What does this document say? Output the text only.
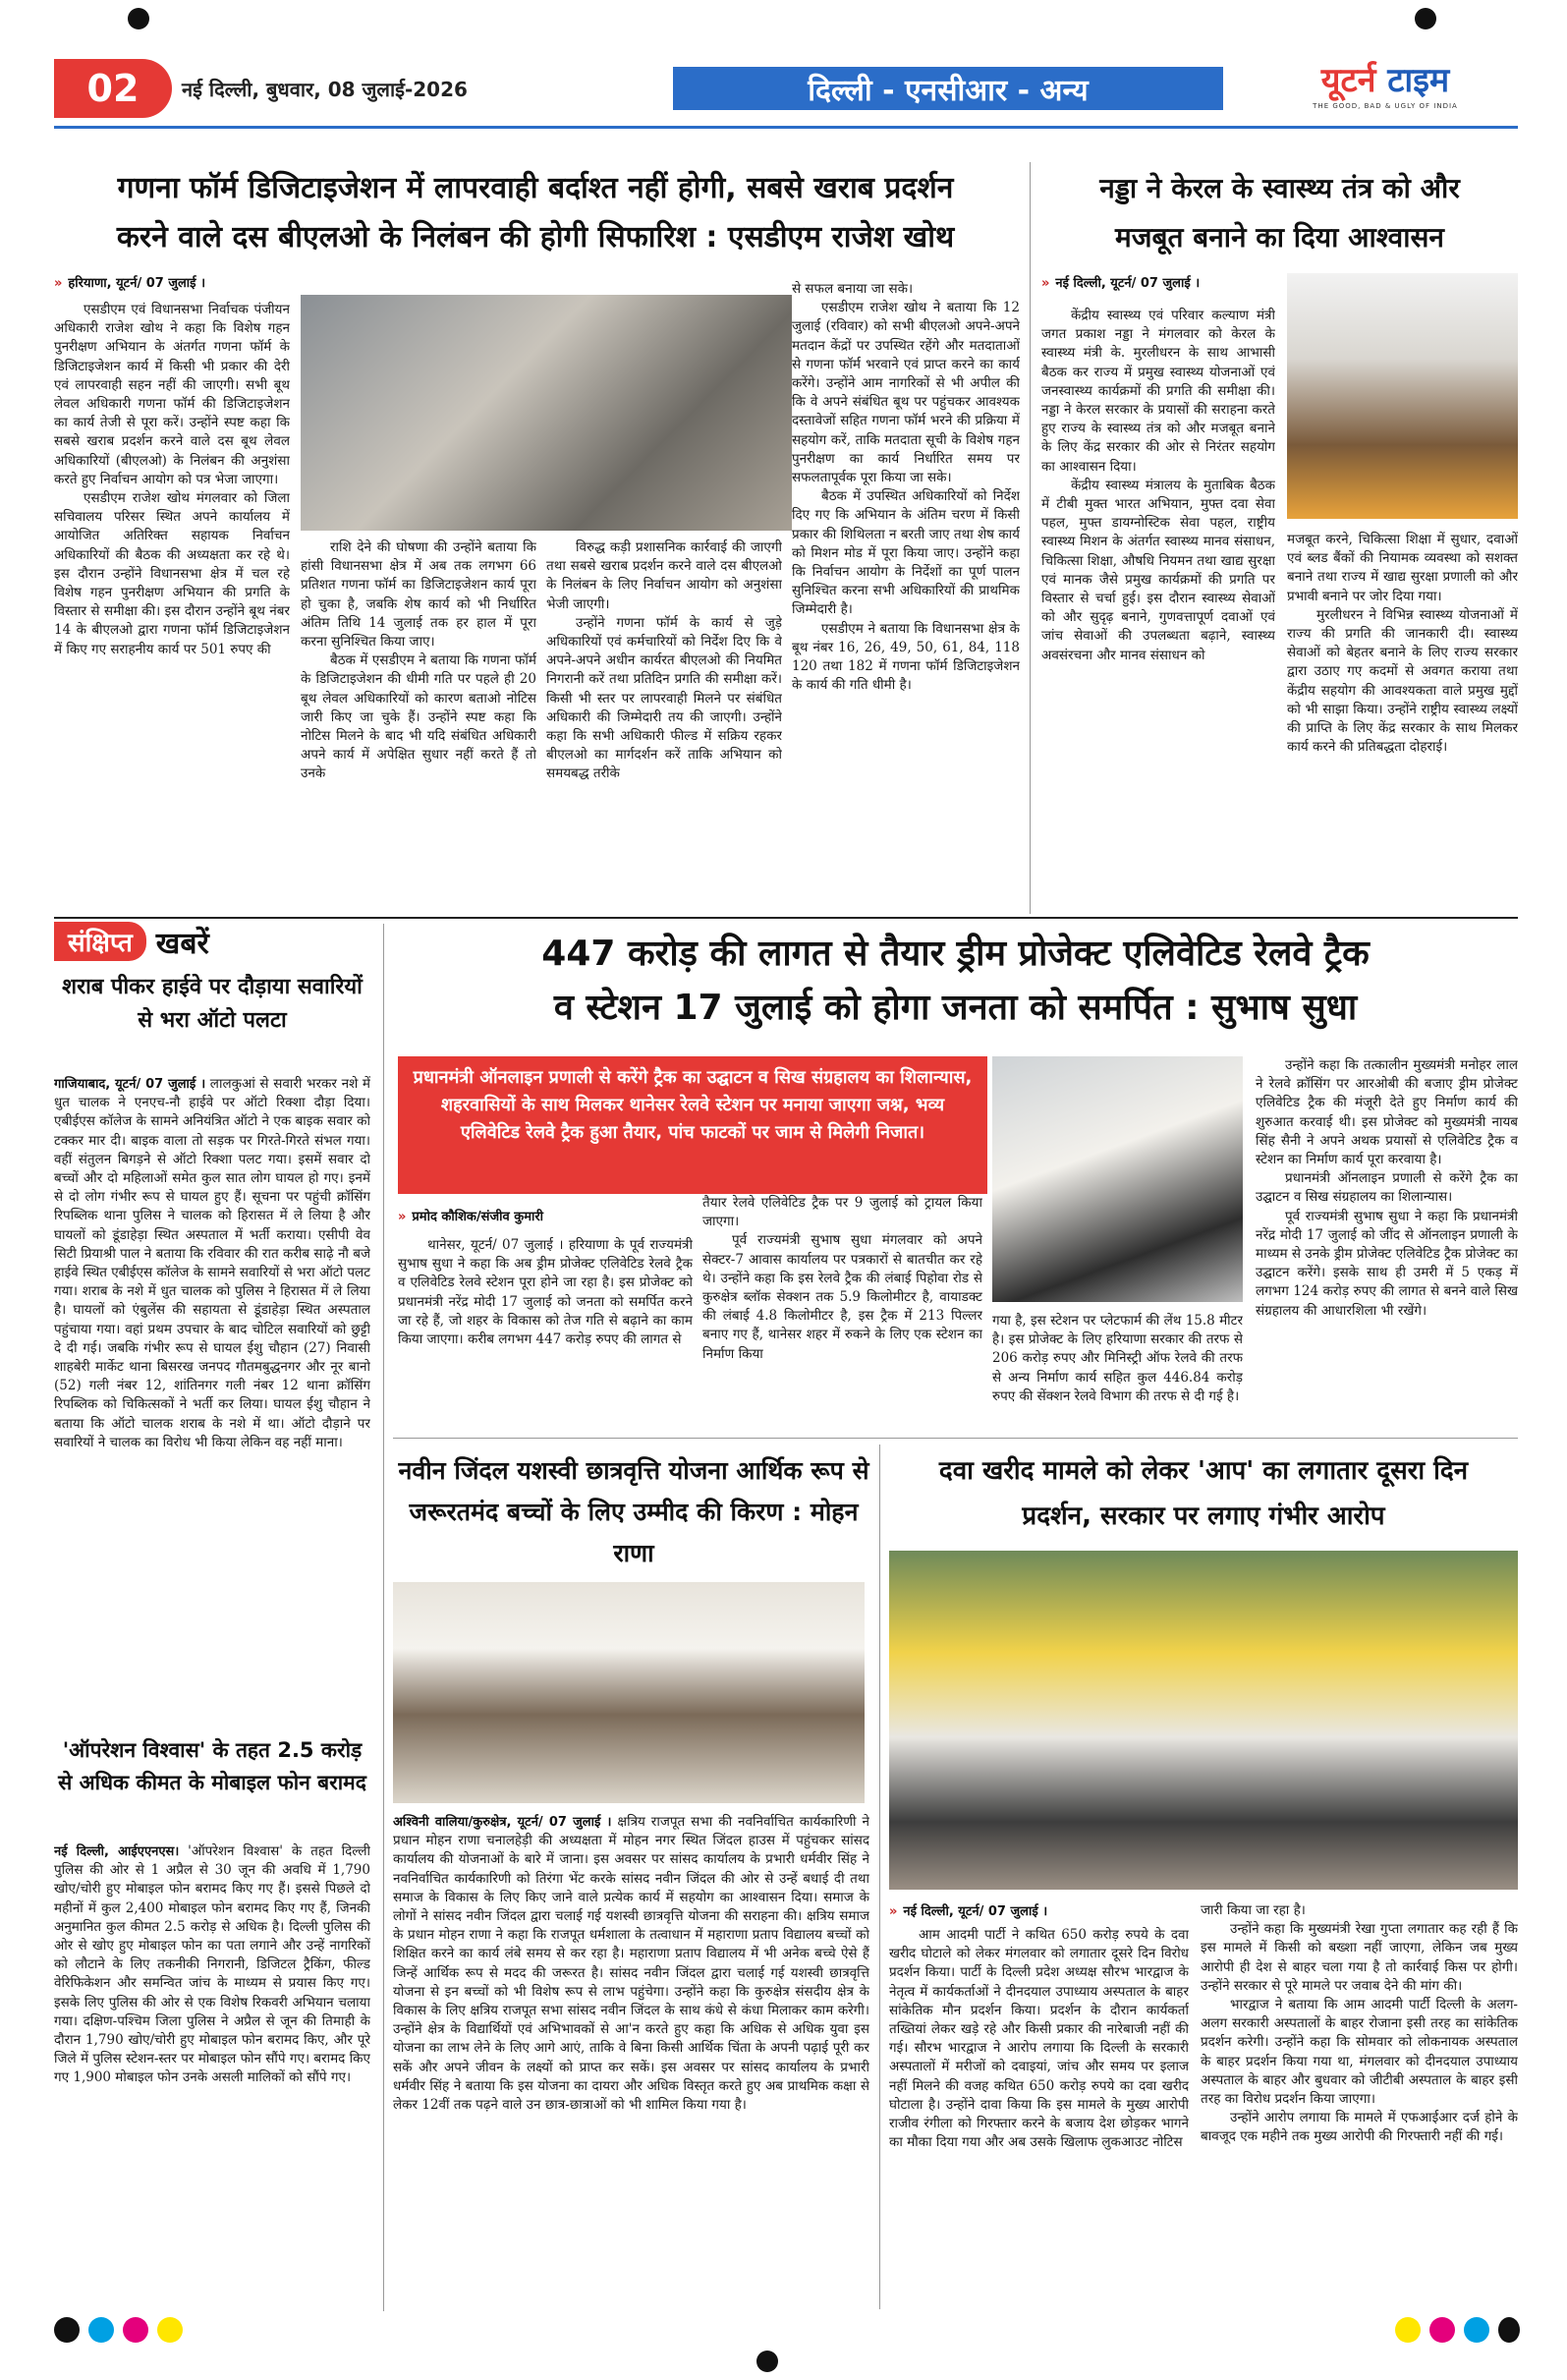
02	नई दिल्ली, बुधवार, 08 जुलाई-2026	दिल्ली - एनसीआर - अन्य	यूटर्न टाइम
THE GOOD, BAD & UGLY OF INDIA
गणना फॉर्म डिजिटाइजेशन में लापरवाही बर्दाश्त नहीं होगी, सबसे खराब प्रदर्शन
करने वाले दस बीएलओ के निलंबन की होगी सिफारिश : एसडीएम राजेश खोथ
» हरियाणा, यूटर्न/ 07 जुलाई ।

एसडीएम एवं विधानसभा निर्वाचक पंजीयन अधिकारी राजेश खोथ ने कहा कि विशेष गहन पुनरीक्षण अभियान के अंतर्गत गणना फॉर्म के डिजिटाइजेशन कार्य में किसी भी प्रकार की देरी एवं लापरवाही सहन नहीं की जाएगी। सभी बूथ लेवल अधिकारी गणना फॉर्म की डिजिटाइजेशन का कार्य तेजी से पूरा करें। उन्होंने स्पष्ट कहा कि सबसे खराब प्रदर्शन करने वाले दस बूथ लेवल अधिकारियों (बीएलओ) के निलंबन की अनुशंसा करते हुए निर्वाचन आयोग को पत्र भेजा जाएगा।

एसडीएम राजेश खोथ मंगलवार को जिला सचिवालय परिसर स्थित अपने कार्यालय में आयोजित अतिरिक्त सहायक निर्वाचन अधिकारियों की बैठक की अध्यक्षता कर रहे थे। इस दौरान उन्होंने विधानसभा क्षेत्र में चल रहे विशेष गहन पुनरीक्षण अभियान की प्रगति के विस्तार से समीक्षा की। इस दौरान उन्होंने बूथ नंबर 14 के बीएलओ द्वारा गणना फॉर्म डिजिटाइजेशन में किए गए सराहनीय कार्य पर 501 रुपए की

राशि देने की घोषणा की उन्होंने बताया कि हांसी विधानसभा क्षेत्र में अब तक लगभग 66 प्रतिशत गणना फॉर्म का डिजिटाइजेशन कार्य पूरा हो चुका है, जबकि शेष कार्य को भी निर्धारित अंतिम तिथि 14 जुलाई तक हर हाल में पूरा करना सुनिश्चित किया जाए।

बैठक में एसडीएम ने बताया कि गणना फॉर्म के डिजिटाइजेशन की धीमी गति पर पहले ही 20 बूथ लेवल अधिकारियों को कारण बताओ नोटिस जारी किए जा चुके हैं। उन्होंने स्पष्ट कहा कि नोटिस मिलने के बाद भी यदि संबंधित अधिकारी अपने कार्य में अपेक्षित सुधार नहीं करते हैं तो उनके

विरुद्ध कड़ी प्रशासनिक कार्रवाई की जाएगी तथा सबसे खराब प्रदर्शन करने वाले दस बीएलओ के निलंबन के लिए निर्वाचन आयोग को अनुशंसा भेजी जाएगी।

उन्होंने गणना फॉर्म के कार्य से जुड़े अधिकारियों एवं कर्मचारियों को निर्देश दिए कि वे अपने-अपने अधीन कार्यरत बीएलओ की नियमित निगरानी करें तथा प्रतिदिन प्रगति की समीक्षा करें। किसी भी स्तर पर लापरवाही मिलने पर संबंधित अधिकारी की जिम्मेदारी तय की जाएगी। उन्होंने कहा कि सभी अधिकारी फील्ड में सक्रिय रहकर बीएलओ का मार्गदर्शन करें ताकि अभियान को समयबद्ध तरीके

से सफल बनाया जा सके।

एसडीएम राजेश खोथ ने बताया कि 12 जुलाई (रविवार) को सभी बीएलओ अपने-अपने मतदान केंद्रों पर उपस्थित रहेंगे और मतदाताओं से गणना फॉर्म भरवाने एवं प्राप्त करने का कार्य करेंगे। उन्होंने आम नागरिकों से भी अपील की कि वे अपने संबंधित बूथ पर पहुंचकर आवश्यक दस्तावेजों सहित गणना फॉर्म भरने की प्रक्रिया में सहयोग करें, ताकि मतदाता सूची के विशेष गहन पुनरीक्षण का कार्य निर्धारित समय पर सफलतापूर्वक पूरा किया जा सके।

बैठक में उपस्थित अधिकारियों को निर्देश दिए गए कि अभियान के अंतिम चरण में किसी प्रकार की शिथिलता न बरती जाए तथा शेष कार्य को मिशन मोड में पूरा किया जाए। उन्होंने कहा कि निर्वाचन आयोग के निर्देशों का पूर्ण पालन सुनिश्चित करना सभी अधिकारियों की प्राथमिक जिम्मेदारी है।

एसडीएम ने बताया कि विधानसभा क्षेत्र के बूथ नंबर 16, 26, 49, 50, 61, 84, 118 120 तथा 182 में गणना फॉर्म डिजिटाइजेशन के कार्य की गति धीमी है।

नड्डा ने केरल के स्वास्थ्य तंत्र को और
मजबूत बनाने का दिया आश्वासन
» नई दिल्ली, यूटर्न/ 07 जुलाई ।

केंद्रीय स्वास्थ्य एवं परिवार कल्याण मंत्री जगत प्रकाश नड्डा ने मंगलवार को केरल के स्वास्थ्य मंत्री के. मुरलीधरन के साथ आभासी बैठक कर राज्य में प्रमुख स्वास्थ्य योजनाओं एवं जनस्वास्थ्य कार्यक्रमों की प्रगति की समीक्षा की। नड्डा ने केरल सरकार के प्रयासों की सराहना करते हुए राज्य के स्वास्थ्य तंत्र को और मजबूत बनाने के लिए केंद्र सरकार की ओर से निरंतर सहयोग का आश्वासन दिया।

केंद्रीय स्वास्थ्य मंत्रालय के मुताबिक बैठक में टीबी मुक्त भारत अभियान, मुफ्त दवा सेवा पहल, मुफ्त डायग्नोस्टिक सेवा पहल, राष्ट्रीय स्वास्थ्य मिशन के अंतर्गत स्वास्थ्य मानव संसाधन, चिकित्सा शिक्षा, औषधि नियमन तथा खाद्य सुरक्षा एवं मानक जैसे प्रमुख कार्यक्रमों की प्रगति पर विस्तार से चर्चा हुई। इस दौरान स्वास्थ्य सेवाओं को और सुदृढ़ बनाने, गुणवत्तापूर्ण दवाओं एवं जांच सेवाओं की उपलब्धता बढ़ाने, स्वास्थ्य अवसंरचना और मानव संसाधन को

मजबूत करने, चिकित्सा शिक्षा में सुधार, दवाओं एवं ब्लड बैंकों की नियामक व्यवस्था को सशक्त बनाने तथा राज्य में खाद्य सुरक्षा प्रणाली को और प्रभावी बनाने पर जोर दिया गया।

मुरलीधरन ने विभिन्न स्वास्थ्य योजनाओं में राज्य की प्रगति की जानकारी दी। स्वास्थ्य सेवाओं को बेहतर बनाने के लिए राज्य सरकार द्वारा उठाए गए कदमों से अवगत कराया तथा केंद्रीय सहयोग की आवश्यकता वाले प्रमुख मुद्दों को भी साझा किया। उन्होंने राष्ट्रीय स्वास्थ्य लक्ष्यों की प्राप्ति के लिए केंद्र सरकार के साथ मिलकर कार्य करने की प्रतिबद्धता दोहराई।

संक्षिप्त खबरें
शराब पीकर हाईवे पर दौड़ाया सवारियों से भरा ऑटो पलटा

गाजियाबाद, यूटर्न/ 07 जुलाई । लालकुआं से सवारी भरकर नशे में धुत चालक ने एनएच-नौ हाईवे पर ऑटो रिक्शा दौड़ा दिया। एबीईएस कॉलेज के सामने अनियंत्रित ऑटो ने एक बाइक सवार को टक्कर मार दी। बाइक वाला तो सड़क पर गिरते-गिरते संभल गया। वहीं संतुलन बिगड़ने से ऑटो रिक्शा पलट गया। इसमें सवार दो बच्चों और दो महिलाओं समेत कुल सात लोग घायल हो गए। इनमें से दो लोग गंभीर रूप से घायल हुए हैं। सूचना पर पहुंची क्रॉसिंग रिपब्लिक थाना पुलिस ने चालक को हिरासत में ले लिया है और घायलों को डूंडाहेड़ा स्थित अस्पताल में भर्ती कराया। एसीपी वेव सिटी प्रियाश्री पाल ने बताया कि रविवार की रात करीब साढ़े नौ बजे हाईवे स्थित एबीईएस कॉलेज के सामने सवारियों से भरा ऑटो पलट गया। शराब के नशे में धुत चालक को पुलिस ने हिरासत में ले लिया है। घायलों को एंबुलेंस की सहायता से डूंडाहेड़ा स्थित अस्पताल पहुंचाया गया। वहां प्रथम उपचार के बाद चोटिल सवारियों को छुट्टी दे दी गई। जबकि गंभीर रूप से घायल ईशु चौहान (27) निवासी शाहबेरी मार्केट थाना बिसरख जनपद गौतमबुद्धनगर और नूर बानो (52) गली नंबर 12, शांतिनगर गली नंबर 12 थाना क्रॉसिंग रिपब्लिक को चिकित्सकों ने भर्ती कर लिया। घायल ईशु चौहान ने बताया कि ऑटो चालक शराब के नशे में था। ऑटो दौड़ाने पर सवारियों ने चालक का विरोध भी किया लेकिन वह नहीं माना।

'ऑपरेशन विश्वास' के तहत 2.5 करोड़ से अधिक कीमत के मोबाइल फोन बरामद

नई दिल्ली, आईएएनएस। 'ऑपरेशन विश्वास' के तहत दिल्ली पुलिस की ओर से 1 अप्रैल से 30 जून की अवधि में 1,790 खोए/चोरी हुए मोबाइल फोन बरामद किए गए हैं। इससे पिछले दो महीनों में कुल 2,400 मोबाइल फोन बरामद किए गए हैं, जिनकी अनुमानित कुल कीमत 2.5 करोड़ से अधिक है। दिल्ली पुलिस की ओर से खोए हुए मोबाइल फोन का पता लगाने और उन्हें नागरिकों को लौटाने के लिए तकनीकी निगरानी, डिजिटल ट्रैकिंग, फील्ड वेरिफिकेशन और समन्वित जांच के माध्यम से प्रयास किए गए। इसके लिए पुलिस की ओर से एक विशेष रिकवरी अभियान चलाया गया। दक्षिण-पश्चिम जिला पुलिस ने अप्रैल से जून की तिमाही के दौरान 1,790 खोए/चोरी हुए मोबाइल फोन बरामद किए, और पूरे जिले में पुलिस स्टेशन-स्तर पर मोबाइल फोन सौंपे गए। बरामद किए गए 1,900 मोबाइल फोन उनके असली मालिकों को सौंपे गए।

447 करोड़ की लागत से तैयार ड्रीम प्रोजेक्ट एलिवेटिड रेलवे ट्रैक
व स्टेशन 17 जुलाई को होगा जनता को समर्पित : सुभाष सुधा
प्रधानमंत्री ऑनलाइन प्रणाली से करेंगे ट्रैक का उद्घाटन व सिख संग्रहालय का शिलान्यास, शहरवासियों के साथ मिलकर थानेसर रेलवे स्टेशन पर मनाया जाएगा जश्न, भव्य एलिवेटिड रेलवे ट्रैक हुआ तैयार, पांच फाटकों पर जाम से मिलेगी निजात।
» प्रमोद कौशिक/संजीव कुमारी

थानेसर, यूटर्न/ 07 जुलाई । हरियाणा के पूर्व राज्यमंत्री सुभाष सुधा ने कहा कि अब ड्रीम प्रोजेक्ट एलिवेटिड रेलवे ट्रैक व एलिवेटिड रेलवे स्टेशन पूरा होने जा रहा है। इस प्रोजेक्ट को प्रधानमंत्री नरेंद्र मोदी 17 जुलाई को जनता को समर्पित करने जा रहे हैं, जो शहर के विकास को तेज गति से बढ़ाने का काम किया जाएगा। करीब लगभग 447 करोड़ रुपए की लागत से

तैयार रेलवे एलिवेटिड ट्रैक पर 9 जुलाई को ट्रायल किया जाएगा।

पूर्व राज्यमंत्री सुभाष सुधा मंगलवार को अपने सेक्टर-7 आवास कार्यालय पर पत्रकारों से बातचीत कर रहे थे। उन्होंने कहा कि इस रेलवे ट्रैक की लंबाई पिहोवा रोड से कुरुक्षेत्र ब्लॉक सेक्शन तक 5.9 किलोमीटर है, वायाडक्ट की लंबाई 4.8 किलोमीटर है, इस ट्रैक में 213 पिल्लर बनाए गए हैं, थानेसर शहर में रुकने के लिए एक स्टेशन का निर्माण किया

गया है, इस स्टेशन पर प्लेटफार्म की लेंथ 15.8 मीटर है। इस प्रोजेक्ट के लिए हरियाणा सरकार की तरफ से 206 करोड़ रुपए और मिनिस्ट्री ऑफ रेलवे की तरफ से अन्य निर्माण कार्य सहित कुल 446.84 करोड़ रुपए की सेंक्शन रेलवे विभाग की तरफ से दी गई है।

उन्होंने कहा कि तत्कालीन मुख्यमंत्री मनोहर लाल ने रेलवे क्रॉसिंग पर आरओबी की बजाए ड्रीम प्रोजेक्ट एलिवेटिड ट्रैक की मंजूरी देते हुए निर्माण कार्य की शुरुआत करवाई थी। इस प्रोजेक्ट को मुख्यमंत्री नायब सिंह सैनी ने अपने अथक प्रयासों से एलिवेटिड ट्रैक व स्टेशन का निर्माण कार्य पूरा करवाया है।

प्रधानमंत्री ऑनलाइन प्रणाली से करेंगे ट्रैक का उद्घाटन व सिख संग्रहालय का शिलान्यास।

पूर्व राज्यमंत्री सुभाष सुधा ने कहा कि प्रधानमंत्री नरेंद्र मोदी 17 जुलाई को जींद से ऑनलाइन प्रणाली के माध्यम से उनके ड्रीम प्रोजेक्ट एलिवेटिड ट्रैक प्रोजेक्ट का उद्घाटन करेंगे। इसके साथ ही उमरी में 5 एकड़ में लगभग 124 करोड़ रुपए की लागत से बनने वाले सिख संग्रहालय की आधारशिला भी रखेंगे।

नवीन जिंदल यशस्वी छात्रवृत्ति योजना आर्थिक रूप से जरूरतमंद बच्चों के लिए उम्मीद की किरण : मोहन राणा

अश्विनी वालिया/कुरुक्षेत्र, यूटर्न/ 07 जुलाई । क्षत्रिय राजपूत सभा की नवनिर्वाचित कार्यकारिणी ने प्रधान मोहन राणा चनालहेड़ी की अध्यक्षता में मोहन नगर स्थित जिंदल हाउस में पहुंचकर सांसद कार्यालय की योजनाओं के बारे में जाना। इस अवसर पर सांसद कार्यालय के प्रभारी धर्मवीर सिंह ने नवनिर्वाचित कार्यकारिणी को तिरंगा भेंट करके सांसद नवीन जिंदल की ओर से उन्हें बधाई दी तथा समाज के विकास के लिए किए जाने वाले प्रत्येक कार्य में सहयोग का आश्वासन दिया। समाज के लोगों ने सांसद नवीन जिंदल द्वारा चलाई गई यशस्वी छात्रवृत्ति योजना की सराहना की। क्षत्रिय समाज के प्रधान मोहन राणा ने कहा कि राजपूत धर्मशाला के तत्वाधान में महाराणा प्रताप विद्यालय बच्चों को शिक्षित करने का कार्य लंबे समय से कर रहा है। महाराणा प्रताप विद्यालय में भी अनेक बच्चे ऐसे हैं जिन्हें आर्थिक रूप से मदद की जरूरत है। सांसद नवीन जिंदल द्वारा चलाई गई यशस्वी छात्रवृत्ति योजना से इन बच्चों को भी विशेष रूप से लाभ पहुंचेगा। उन्होंने कहा कि कुरुक्षेत्र संसदीय क्षेत्र के विकास के लिए क्षत्रिय राजपूत सभा सांसद नवीन जिंदल के साथ कंधे से कंधा मिलाकर काम करेगी। उन्होंने क्षेत्र के विद्यार्थियों एवं अभिभावकों से आ'न करते हुए कहा कि अधिक से अधिक युवा इस योजना का लाभ लेने के लिए आगे आएं, ताकि वे बिना किसी आर्थिक चिंता के अपनी पढ़ाई पूरी कर सकें और अपने जीवन के लक्ष्यों को प्राप्त कर सकें। इस अवसर पर सांसद कार्यालय के प्रभारी धर्मवीर सिंह ने बताया कि इस योजना का दायरा और अधिक विस्तृत करते हुए अब प्राथमिक कक्षा से लेकर 12वीं तक पढ़ने वाले उन छात्र-छात्राओं को भी शामिल किया गया है।

दवा खरीद मामले को लेकर 'आप' का लगातार दूसरा दिन
प्रदर्शन, सरकार पर लगाए गंभीर आरोप
» नई दिल्ली, यूटर्न/ 07 जुलाई ।

आम आदमी पार्टी ने कथित 650 करोड़ रुपये के दवा खरीद घोटाले को लेकर मंगलवार को लगातार दूसरे दिन विरोध प्रदर्शन किया। पार्टी के दिल्ली प्रदेश अध्यक्ष सौरभ भारद्वाज के नेतृत्व में कार्यकर्ताओं ने दीनदयाल उपाध्याय अस्पताल के बाहर सांकेतिक मौन प्रदर्शन किया। प्रदर्शन के दौरान कार्यकर्ता तख्तियां लेकर खड़े रहे और किसी प्रकार की नारेबाजी नहीं की गई। सौरभ भारद्वाज ने आरोप लगाया कि दिल्ली के सरकारी अस्पतालों में मरीजों को दवाइयां, जांच और समय पर इलाज नहीं मिलने की वजह कथित 650 करोड़ रुपये का दवा खरीद घोटाला है। उन्होंने दावा किया कि इस मामले के मुख्य आरोपी राजीव रंगीला को गिरफ्तार करने के बजाय देश छोड़कर भागने का मौका दिया गया और अब उसके खिलाफ लुकआउट नोटिस

जारी किया जा रहा है।

उन्होंने कहा कि मुख्यमंत्री रेखा गुप्ता लगातार कह रही हैं कि इस मामले में किसी को बख्शा नहीं जाएगा, लेकिन जब मुख्य आरोपी ही देश से बाहर चला गया है तो कार्रवाई किस पर होगी। उन्होंने सरकार से पूरे मामले पर जवाब देने की मांग की।

भारद्वाज ने बताया कि आम आदमी पार्टी दिल्ली के अलग-अलग सरकारी अस्पतालों के बाहर रोजाना इसी तरह का सांकेतिक प्रदर्शन करेगी। उन्होंने कहा कि सोमवार को लोकनायक अस्पताल के बाहर प्रदर्शन किया गया था, मंगलवार को दीनदयाल उपाध्याय अस्पताल के बाहर और बुधवार को जीटीबी अस्पताल के बाहर इसी तरह का विरोध प्रदर्शन किया जाएगा।

उन्होंने आरोप लगाया कि मामले में एफआईआर दर्ज होने के बावजूद एक महीने तक मुख्य आरोपी की गिरफ्तारी नहीं की गई।
